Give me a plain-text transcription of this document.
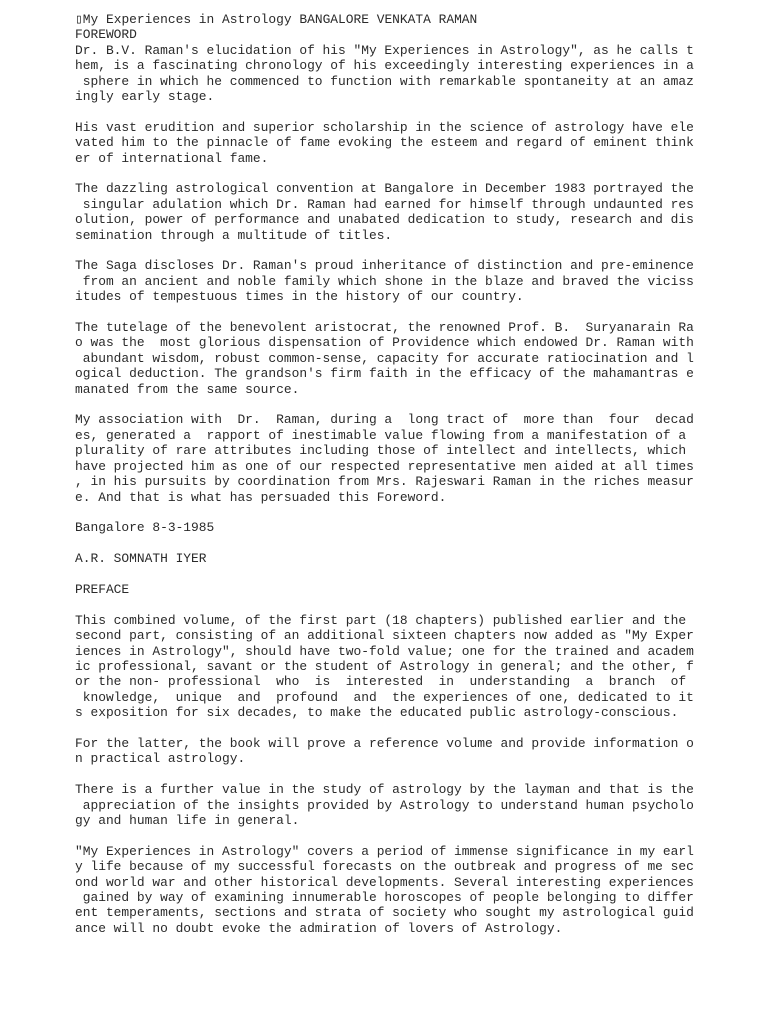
▯My Experiences in Astrology BANGALORE VENKATA RAMAN
FOREWORD
Dr. B.V. Raman's elucidation of his "My Experiences in Astrology", as he calls t
hem, is a fascinating chronology of his exceedingly interesting experiences in a
sphere in which he commenced to function with remarkable spontaneity at an amaz
ingly early stage.
His vast erudition and superior scholarship in the science of astrology have ele
vated him to the pinnacle of fame evoking the esteem and regard of eminent think
er of international fame.
The dazzling astrological convention at Bangalore in December 1983 portrayed the
singular adulation which Dr. Raman had earned for himself through undaunted res
olution, power of performance and unabated dedication to study, research and dis
semination through a multitude of titles.
The Saga discloses Dr. Raman's proud inheritance of distinction and pre-eminence
from an ancient and noble family which shone in the blaze and braved the viciss
itudes of tempestuous times in the history of our country.
The tutelage of the benevolent aristocrat, the renowned Prof. B.  Suryanarain Ra
o was the  most glorious dispensation of Providence which endowed Dr. Raman with
abundant wisdom, robust common-sense, capacity for accurate ratiocination and l
ogical deduction. The grandson's firm faith in the efficacy of the mahamantras e
manated from the same source.
My association with  Dr.  Raman, during a  long tract of  more than  four  decad
es, generated a  rapport of inestimable value flowing from a manifestation of a
plurality of rare attributes including those of intellect and intellects, which
have projected him as one of our respected representative men aided at all times
, in his pursuits by coordination from Mrs. Rajeswari Raman in the riches measur
e. And that is what has persuaded this Foreword.
Bangalore 8-3-1985
A.R. SOMNATH IYER
PREFACE
This combined volume, of the first part (18 chapters) published earlier and the
second part, consisting of an additional sixteen chapters now added as "My Exper
iences in Astrology", should have two-fold value; one for the trained and academ
ic professional, savant or the student of Astrology in general; and the other, f
or the non- professional  who  is  interested  in  understanding  a  branch  of
knowledge,  unique  and  profound  and  the experiences of one, dedicated to it
s exposition for six decades, to make the educated public astrology-conscious.
For the latter, the book will prove a reference volume and provide information o
n practical astrology.
There is a further value in the study of astrology by the layman and that is the
appreciation of the insights provided by Astrology to understand human psycholo
gy and human life in general.
"My Experiences in Astrology" covers a period of immense significance in my earl
y life because of my successful forecasts on the outbreak and progress of me sec
ond world war and other historical developments. Several interesting experiences
gained by way of examining innumerable horoscopes of people belonging to differ
ent temperaments, sections and strata of society who sought my astrological guid
ance will no doubt evoke the admiration of lovers of Astrology.
